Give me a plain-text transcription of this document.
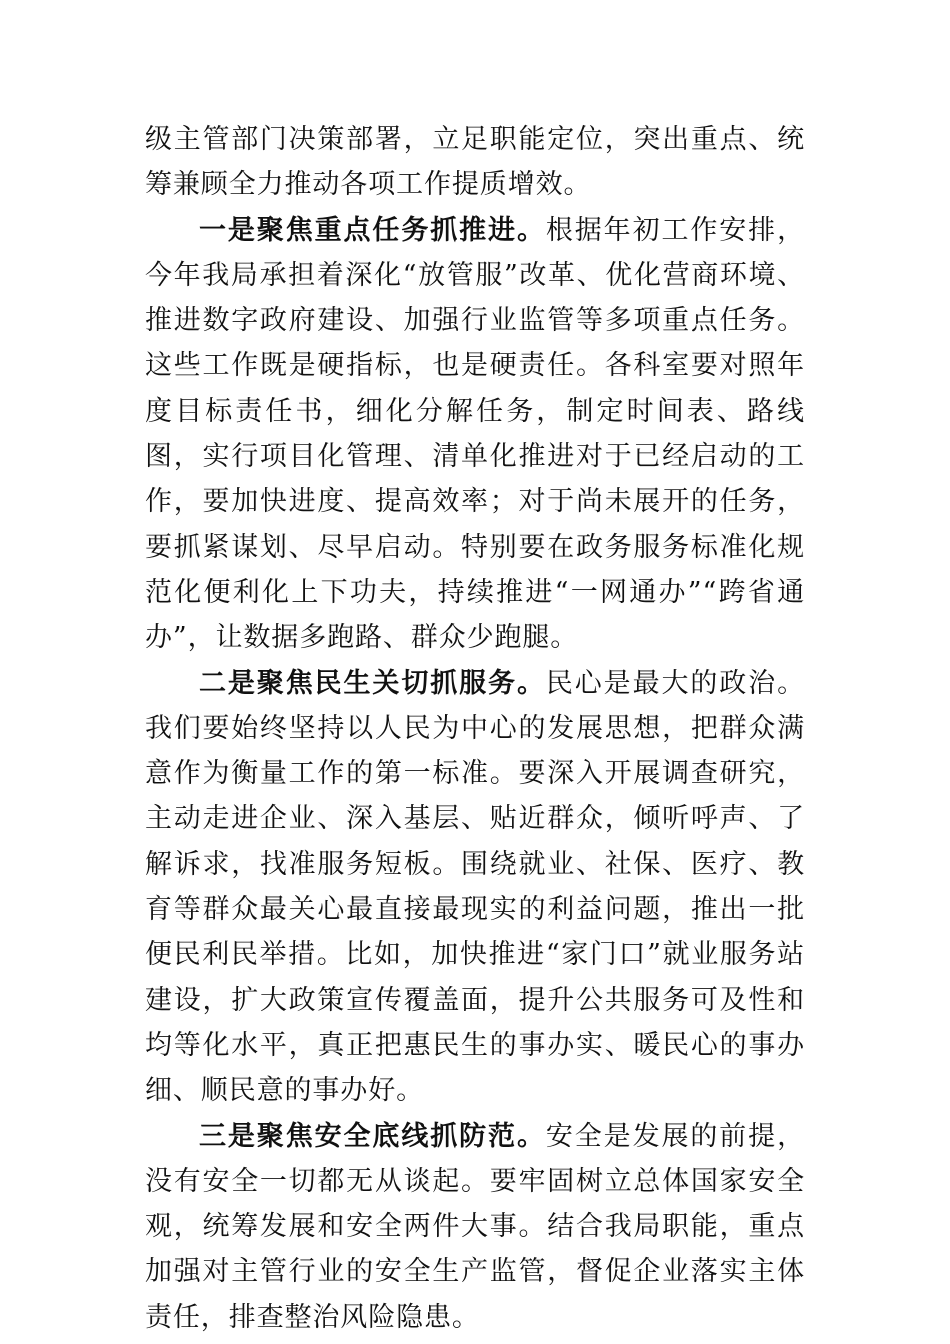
级主管部门决策部署，立足职能定位，突出重点、统筹兼顾全力推动各项工作提质增效。

一是聚焦重点任务抓推进。根据年初工作安排，今年我局承担着深化“放管服”改革、优化营商环境、推进数字政府建设、加强行业监管等多项重点任务。这些工作既是硬指标，也是硬责任。各科室要对照年度目标责任书，细化分解任务，制定时间表、路线图，实行项目化管理、清单化推进对于已经启动的工作，要加快进度、提高效率；对于尚未展开的任务，要抓紧谋划、尽早启动。特别要在政务服务标准化规范化便利化上下功夫，持续推进“一网通办”“跨省通办”，让数据多跑路、群众少跑腿。

二是聚焦民生关切抓服务。民心是最大的政治。我们要始终坚持以人民为中心的发展思想，把群众满意作为衡量工作的第一标准。要深入开展调查研究，主动走进企业、深入基层、贴近群众，倾听呼声、了解诉求，找准服务短板。围绕就业、社保、医疗、教育等群众最关心最直接最现实的利益问题，推出一批便民利民举措。比如，加快推进“家门口”就业服务站建设，扩大政策宣传覆盖面，提升公共服务可及性和均等化水平，真正把惠民生的事办实、暖民心的事办细、顺民意的事办好。

三是聚焦安全底线抓防范。安全是发展的前提，没有安全一切都无从谈起。要牢固树立总体国家安全观，统筹发展和安全两件大事。结合我局职能，重点加强对主管行业的安全生产监管，督促企业落实主体责任，排查整治风险隐患。
